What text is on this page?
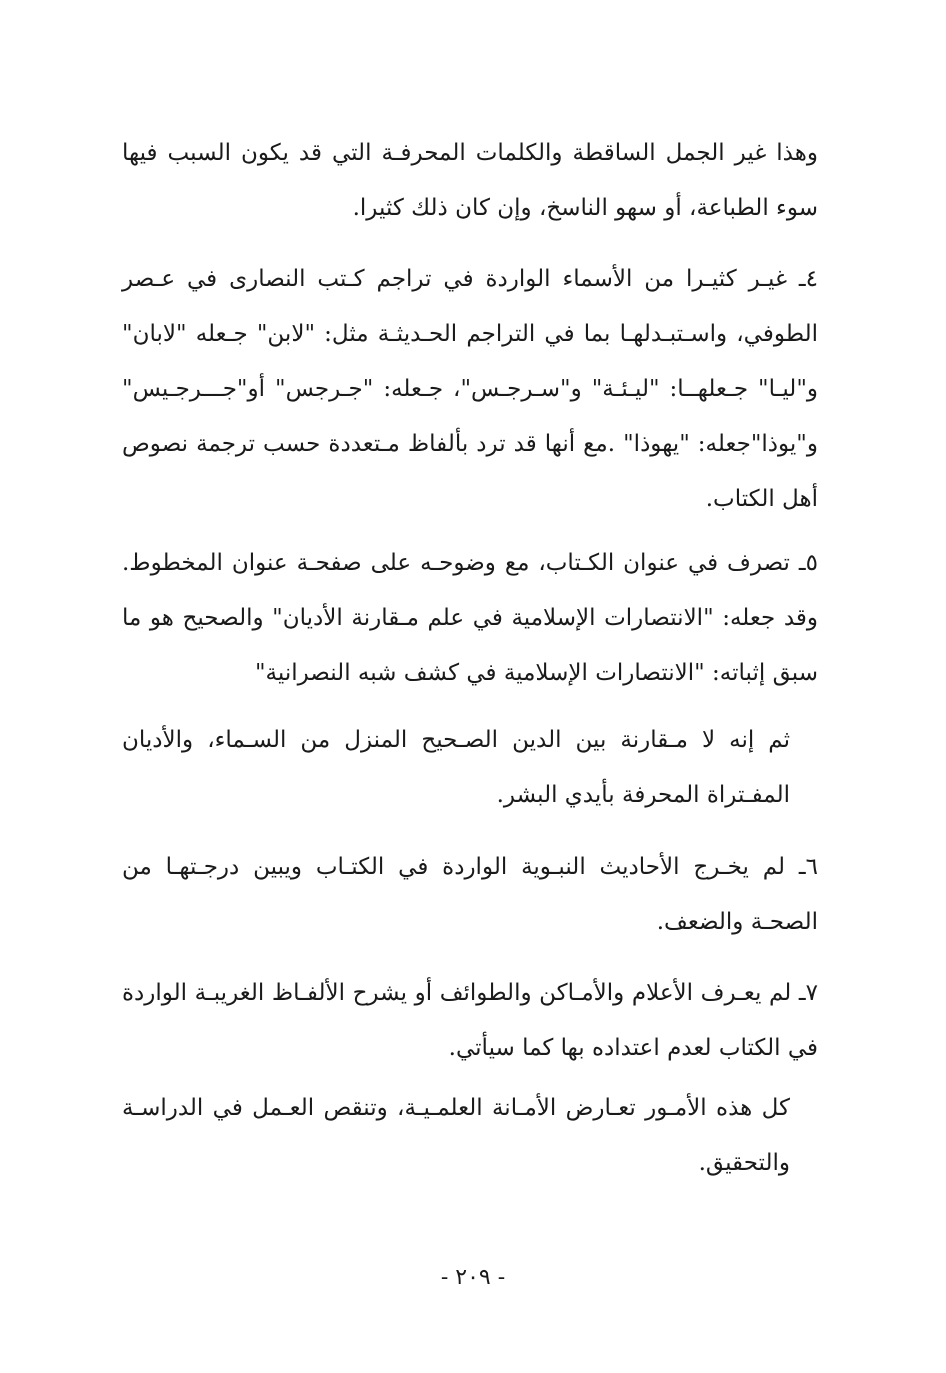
وهذا غير الجمل الساقطة والكلمات المحرفـة التي قد يكون السبب فيها سوء الطباعة، أو سهو الناسخ، وإن كان ذلك كثيرا.

٤ـ غيـر كثيـرا من الأسماء الواردة في تراجم كـتب النصارى في عـصر الطوفي، واسـتبـدلهـا بما في التراجم الحـديثـة مثل: "لابن" جـعله "لابان" و"ليـا" جـعلهــا: "ليـئـة" و"سـرجـس"، جـعله: "جـرجس" أو"جـــرجـيس" و"يوذا"جعله: "يهوذا" .مع أنها قد ترد بألفاظ مـتعددة حسب ترجمة نصوص أهل الكتاب.

٥ـ تصرف في عنوان الكـتاب، مع وضوحـه على صفحـة عنوان المخطوط. وقد جعله: "الانتصارات الإسلامية في علم مـقارنة الأديان" والصحيح هو ما سبق إثباته: "الانتصارات الإسلامية في كشف شبه النصرانية"

ثم إنه لا مـقارنة بين الدين الصـحيح المنزل من السـماء، والأديان المفـتراة المحرفة بأيدي البشر.

٦ـ لم يخـرج الأحاديث النبـوية الواردة في الكتـاب ويبين درجـتهـا من الصحـة والضعف.

٧ـ لم يعـرف الأعلام والأمـاكن والطوائف أو يشرح الألفـاظ الغريبـة الواردة في الكتاب لعدم اعتداده بها كما سيأتي.

كل هذه الأمـور تعـارض الأمـانة العلمـيـة، وتنقص العـمل في الدراسـة والتحقيق.

- ٢٠٩ -
